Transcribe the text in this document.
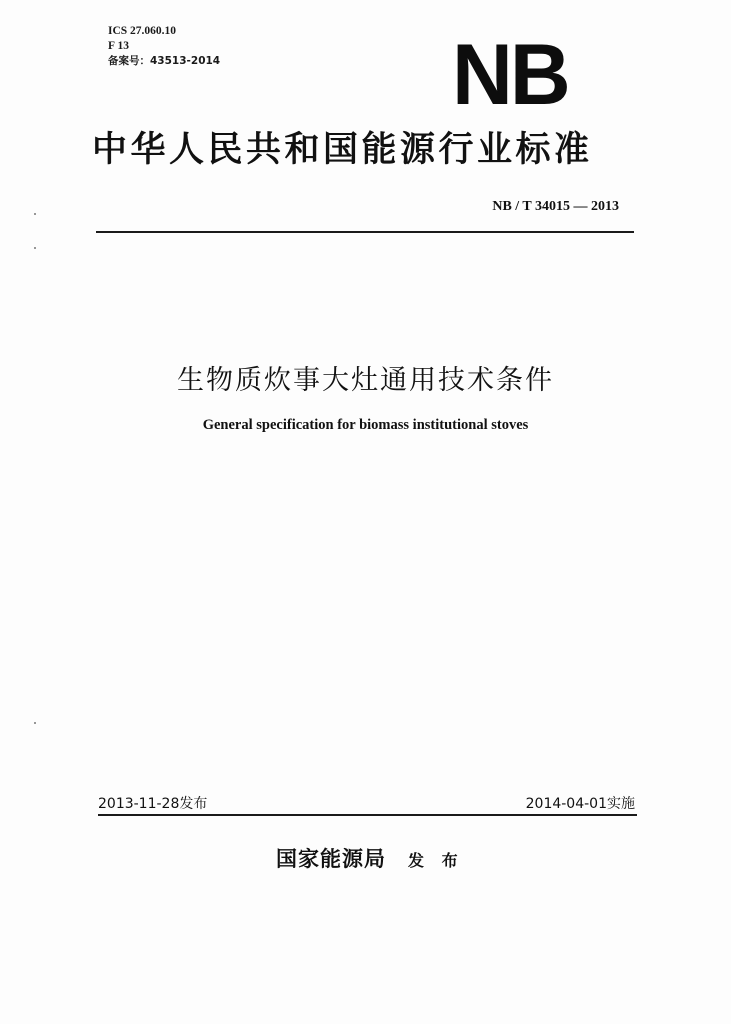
ICS 27.060.10
F 13
备案号：43513-2014	NB
中华人民共和国能源行业标准
NB / T 34015 — 2013
生物质炊事大灶通用技术条件
General specification for biomass institutional stoves
2013-11-28发布	2014-04-01实施
国家能源局 发 布
